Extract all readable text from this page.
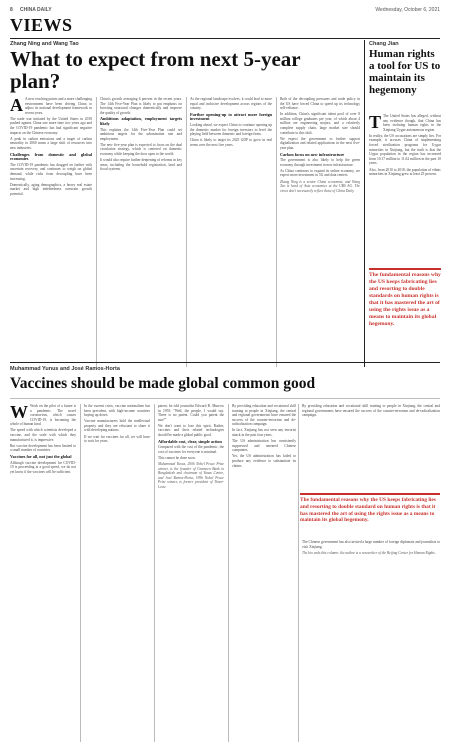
8 CHINA DAILY	Wednesday, October 6, 2021
VIEWS
Zhang Ning and Wang Tao
What to expect from next 5-year plan?

A A new reaching points and a more challenging environment have been driving China to adjust its national development framework in recent years.

The trade war initiated by the United States in 2018 pushed against China one more time two years ago and the COVID-19 pandemic has had significant negative impacts on the Chinese economy.

A peak in carbon emissions and a target of carbon neutrality in 2060 mean a large shift of resources into new industries.

Challenges from domestic and global economies

The COVID-19 pandemic has dragged on further with uncertain recovery, and continues to weigh on global demand, while risks from decoupling have been increasing.

Domestically, aging demographics, a heavy real estate market and high indebtedness constrain growth potential.

China's growth averaging 6 percent in the recent years. The 14th Five-Year Plan is likely to put emphasis on boosting structural changes domestically and improve the quality of growth.

Ambitious adaptation, employment targets likely

This explains the 14th Five-Year Plan could set ambitious targets for the urbanization rate and employment.

The new five-year plan is expected to focus on the dual circulation strategy, which is centered on domestic economy while keeping the door open to the world.

It would also require further deepening of reforms in key areas, including the household registration, land and fiscal systems.

As the regional landscape evolves, it could lead to more equal and inclusive development across regions of the country.

Further opening-up to attract more foreign investment

Looking ahead, we expect China to continue opening up the domestic market for foreign investors to level the playing field between domestic and foreign firms.

China is likely to target its 2025 GDP to grow in real terms over the next five years.

Both of the decoupling pressures and trade policy in the US have forced China to speed up its technology self-reliance.

In addition, China's significant talent pool of over 8 million college graduates per year, of which about 4 million are engineering majors, and a relatively complete supply chain, large market size should contribute to this shift.

We expect the government to further support digitalization and related applications in the next five-year plan.

Carbon focus on new infrastructure

The government is also likely to help the green economy through investment in new infrastructure.

As China continues to expand its online economy, we expect more investment in 5G and data centers.

Zhang Ning is a senior China economist, and Wang Tao is head of Asia economics at the UBS AG. The views don't necessarily reflect those of China Daily.

Chang Jian
Human rights a tool for US to maintain its hegemony

T The United States has alleged, without any evidence though, that China has been violating human rights in the Xinjiang Uygur autonomous region.

In reality, the US accusations are simply lies. For example, it accuses China of implementing forced sterilization programs for Uygur minorities in Xinjiang, but the truth is that the Uygur population in the region has increased from 10.17 million to 11.62 million in the past 10 years.

Also, from 2010 to 2018, the population of ethnic minorities in Xinjiang grew at least 25 percent.

The fundamental reasons why the US keeps fabricating lies and resorting to double standards on human rights is that it has mastered the art of using the rights issue as a means to maintain its global hegemony.
Muhammad Yunus and José Ramos-Horta
Vaccines should be made global common good

W Work on the pilot of a future is a pandemic. The novel coronavirus, which causes COVID-19, is becoming the whole of human kind.

The speed with which scientists developed a vaccine, and the scale with which they manufactured it, is impressive.

But vaccine development has been limited to a small number of countries.

Vaccines for all, not just the global

Although vaccine development for COVID-19 is proceeding at a good speed, we do not yet know if the vaccines will be sufficient.

In the current crisis, vaccine nationalism has been prevalent, with high-income countries buying up doses.

Vaccine manufacturers hold the intellectual property and they are reluctant to share it with developing nations.

If we wait for vaccines for all, we will have to wait for years.

patent, he told journalist Edward R. Murrow in 1955: "Well, the people, I would say. There is no patent. Could you patent the sun?"

We don't want to lose this spirit. Rather, vaccines and their related technologies should be made a global public good.

Affordable cost, clear, simple action

Compared with the cost of the pandemic, the cost of vaccines for everyone is minimal.

This cannot be done soon.

Muhammad Yunus, 2006 Nobel Peace Prize winner, is the founder of Grameen Bank in Bangladesh and chairman of Yunus Centre, and José Ramos-Horta, 1996 Nobel Peace Prize winner, is former president of Timor-Leste.

By providing education and vocational skill training to people in Xinjiang, the central and regional governments have ensured the success of the counter-terrorism and de-radicalization campaign.

In fact, Xinjiang has not seen any terrorist attack in the past four years.

The US administration has consistently suppressed and smeared Chinese companies.

Yet, the US administration has failed to produce any evidence to substantiate its claims.

By providing education and vocational skill training to people in Xinjiang, the central and regional governments have ensured the success of the counter-terrorism and de-radicalization campaign.

The fundamental reasons why the US keeps fabricating lies and resorting to double standard on human rights is that it has mastered the art of using the rights issue as a means to maintain its global hegemony.

The Chinese government has also invited a large number of foreign diplomats and journalists to visit Xinjiang.

The bio ends this column: the author is a researcher of the Beijing Center for Human Rights.
